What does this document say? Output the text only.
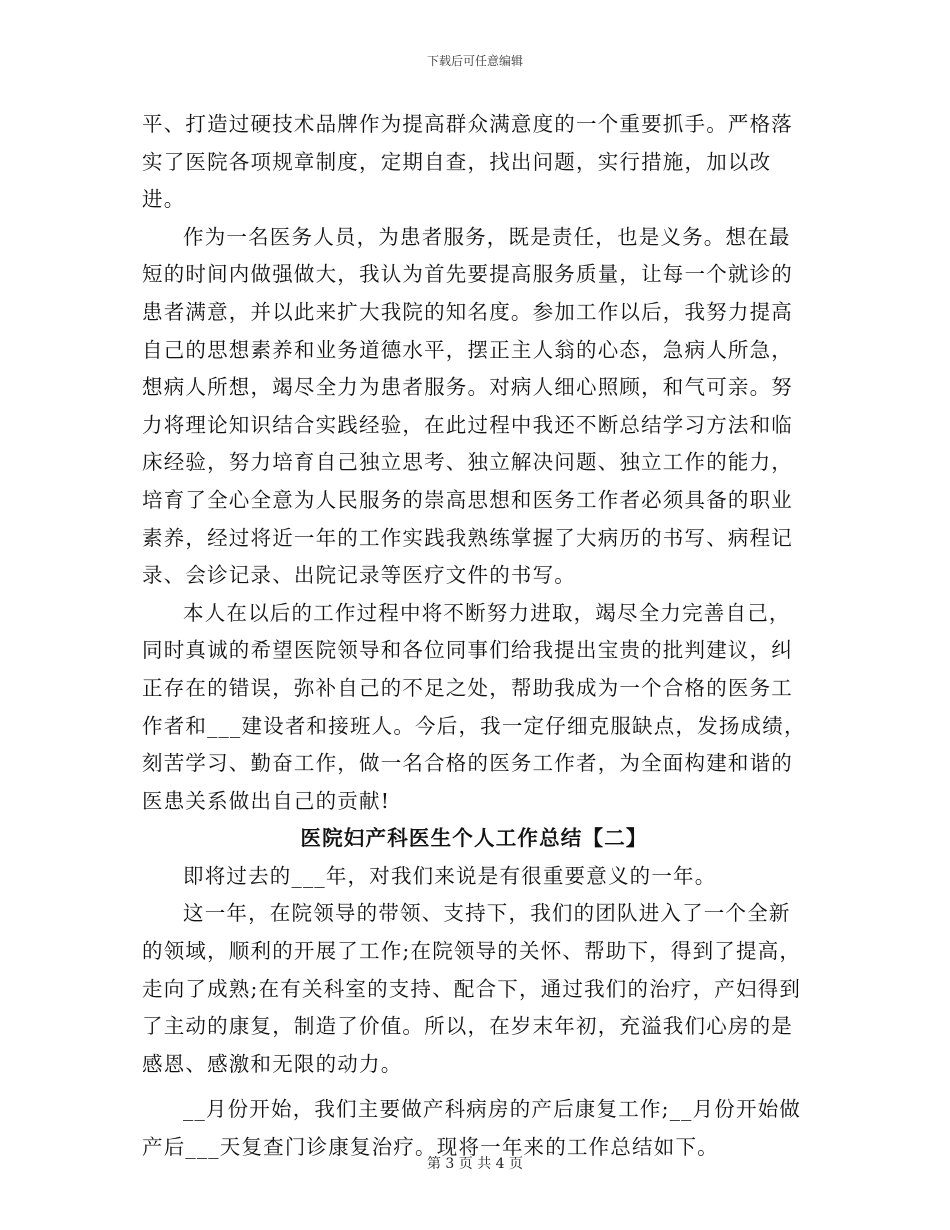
下载后可任意编辑

平、打造过硬技术品牌作为提高群众满意度的一个重要抓手。严格落实了医院各项规章制度，定期自查，找出问题，实行措施，加以改进。

作为一名医务人员，为患者服务，既是责任，也是义务。想在最短的时间内做强做大，我认为首先要提高服务质量，让每一个就诊的患者满意，并以此来扩大我院的知名度。参加工作以后，我努力提高自己的思想素养和业务道德水平，摆正主人翁的心态，急病人所急，想病人所想，竭尽全力为患者服务。对病人细心照顾，和气可亲。努力将理论知识结合实践经验，在此过程中我还不断总结学习方法和临床经验，努力培育自己独立思考、独立解决问题、独立工作的能力，培育了全心全意为人民服务的崇高思想和医务工作者必须具备的职业素养，经过将近一年的工作实践我熟练掌握了大病历的书写、病程记录、会诊记录、出院记录等医疗文件的书写。

本人在以后的工作过程中将不断努力进取，竭尽全力完善自己，同时真诚的希望医院领导和各位同事们给我提出宝贵的批判建议，纠正存在的错误，弥补自己的不足之处，帮助我成为一个合格的医务工作者和___建设者和接班人。今后，我一定仔细克服缺点，发扬成绩，刻苦学习、勤奋工作，做一名合格的医务工作者，为全面构建和谐的医患关系做出自己的贡献!

医院妇产科医生个人工作总结【二】

即将过去的___年，对我们来说是有很重要意义的一年。

这一年，在院领导的带领、支持下，我们的团队进入了一个全新的领域，顺利的开展了工作;在院领导的关怀、帮助下，得到了提高，走向了成熟;在有关科室的支持、配合下，通过我们的治疗，产妇得到了主动的康复，制造了价值。所以，在岁末年初，充溢我们心房的是感恩、感激和无限的动力。

__月份开始，我们主要做产科病房的产后康复工作;__月份开始做产后___天复查门诊康复治疗。现将一年来的工作总结如下。

第 3 页 共 4 页
